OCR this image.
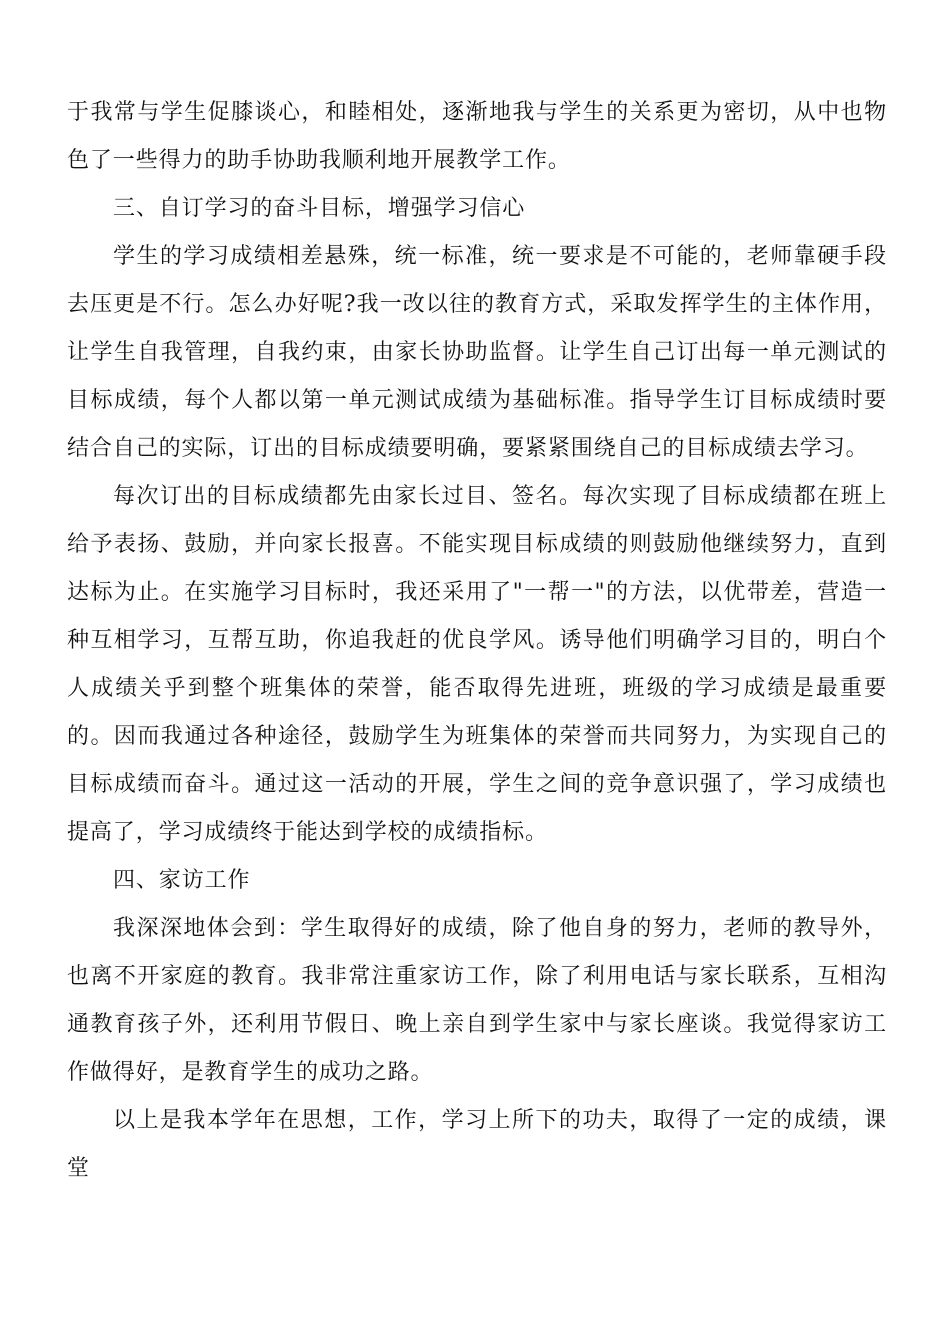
于我常与学生促膝谈心，和睦相处，逐渐地我与学生的关系更为密切，从中也物色了一些得力的助手协助我顺利地开展教学工作。

三、自订学习的奋斗目标，增强学习信心

学生的学习成绩相差悬殊，统一标准，统一要求是不可能的，老师靠硬手段去压更是不行。怎么办好呢?我一改以往的教育方式，采取发挥学生的主体作用，让学生自我管理，自我约束，由家长协助监督。让学生自己订出每一单元测试的目标成绩，每个人都以第一单元测试成绩为基础标准。指导学生订目标成绩时要结合自己的实际，订出的目标成绩要明确，要紧紧围绕自己的目标成绩去学习。

每次订出的目标成绩都先由家长过目、签名。每次实现了目标成绩都在班上给予表扬、鼓励，并向家长报喜。不能实现目标成绩的则鼓励他继续努力，直到达标为止。在实施学习目标时，我还采用了"一帮一"的方法，以优带差，营造一种互相学习，互帮互助，你追我赶的优良学风。诱导他们明确学习目的，明白个人成绩关乎到整个班集体的荣誉，能否取得先进班，班级的学习成绩是最重要的。因而我通过各种途径，鼓励学生为班集体的荣誉而共同努力，为实现自己的目标成绩而奋斗。通过这一活动的开展，学生之间的竞争意识强了，学习成绩也提高了，学习成绩终于能达到学校的成绩指标。

四、家访工作

我深深地体会到：学生取得好的成绩，除了他自身的努力，老师的教导外，也离不开家庭的教育。我非常注重家访工作，除了利用电话与家长联系，互相沟通教育孩子外，还利用节假日、晚上亲自到学生家中与家长座谈。我觉得家访工作做得好，是教育学生的成功之路。

以上是我本学年在思想，工作，学习上所下的功夫，取得了一定的成绩，课堂
